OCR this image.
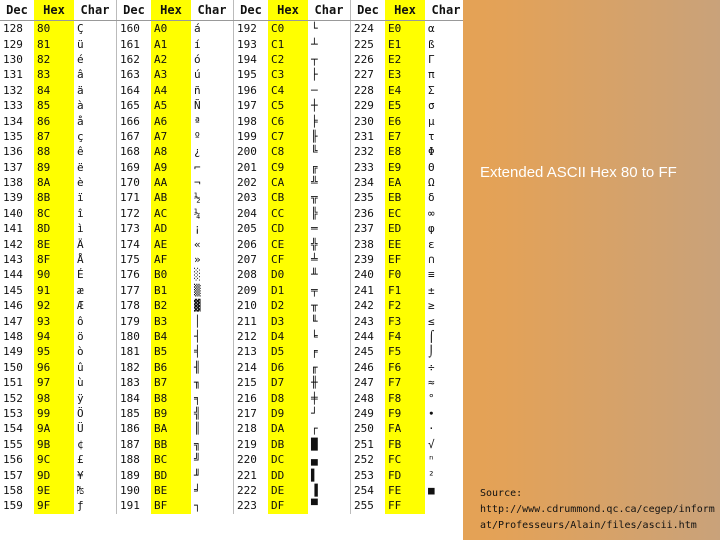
Dec	Hex	Char	Dec	Hex	Char	Dec	Hex	Char	Dec	Hex	Char
128	80	Ç	160	A0	á	192	C0	└	224	E0	α
129	81	ü	161	A1	í	193	C1	┴	225	E1	ß
130	82	é	162	A2	ó	194	C2	┬	226	E2	Γ
131	83	â	163	A3	ú	195	C3	├	227	E3	π
132	84	ä	164	A4	ñ	196	C4	─	228	E4	Σ
133	85	à	165	A5	Ñ	197	C5	┼	229	E5	σ
134	86	å	166	A6	ª	198	C6	╞	230	E6	µ
135	87	ç	167	A7	º	199	C7	╟	231	E7	τ
136	88	ê	168	A8	¿	200	C8	╚	232	E8	Φ
137	89	ë	169	A9	⌐	201	C9	╔	233	E9	Θ
138	8A	è	170	AA	¬	202	CA	╩	234	EA	Ω
139	8B	ï	171	AB	½	203	CB	╦	235	EB	δ
140	8C	î	172	AC	¼	204	CC	╠	236	EC	∞
141	8D	ì	173	AD	¡	205	CD	═	237	ED	φ
142	8E	Ä	174	AE	«	206	CE	╬	238	EE	ε
143	8F	Å	175	AF	»	207	CF	╧	239	EF	∩
144	90	É	176	B0	░	208	D0	╨	240	F0	≡
145	91	æ	177	B1	▒	209	D1	╤	241	F1	±
146	92	Æ	178	B2	▓	210	D2	╥	242	F2	≥
147	93	ô	179	B3	│	211	D3	╙	243	F3	≤
148	94	ö	180	B4	┤	212	D4	╘	244	F4	⌠
149	95	ò	181	B5	╡	213	D5	╒	245	F5	⌡
150	96	û	182	B6	╢	214	D6	╓	246	F6	÷
151	97	ù	183	B7	╖	215	D7	╫	247	F7	≈
152	98	ÿ	184	B8	╕	216	D8	╪	248	F8	°
153	99	Ö	185	B9	╣	217	D9	┘	249	F9	∙
154	9A	Ü	186	BA	║	218	DA	┌	250	FA	·
155	9B	¢	187	BB	╗	219	DB	█	251	FB	√
156	9C	£	188	BC	╝	220	DC	▄	252	FC	ⁿ
157	9D	¥	189	BD	╜	221	DD	▌	253	FD	²
158	9E	₧	190	BE	╛	222	DE	▐	254	FE	■
159	9F	ƒ	191	BF	┐	223	DF	▀	255	FF	
Extended ASCII Hex 80 to FF
Source:
http://www.cdrummond.qc.ca/cegep/informat/Professeurs/Alain/files/ascii.htm
